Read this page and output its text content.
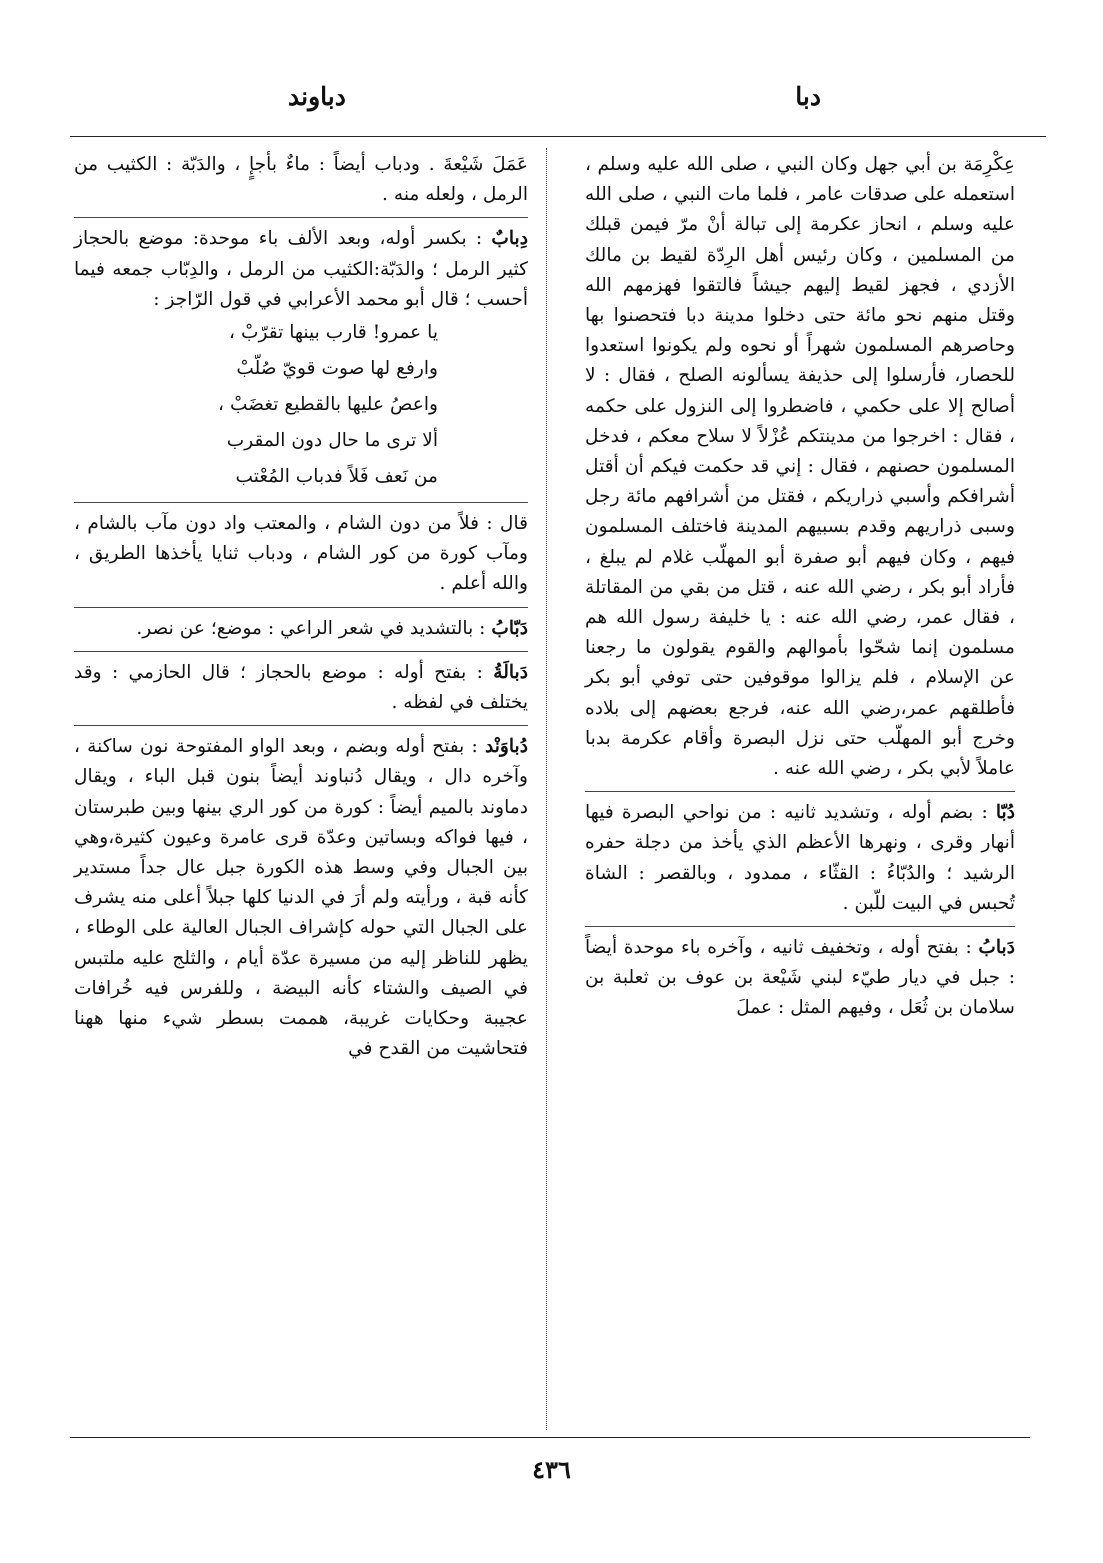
دبا
دباوند

عِكْرِمَة بن أبي جهل وكان النبي ، صلى الله عليه وسلم ، استعمله على صدقات عامر ، فلما مات النبي ، صلى الله عليه وسلم ، انحاز عكرمة إلى تبالة أنْ مرّ فيمن قبلك من المسلمين ، وكان رئيس أهل الرِدّة لقيط بن مالك الأزدي ، فجهز لقيط إليهم جيشاً فالتقوا فهزمهم الله وقتل منهم نحو مائة حتى دخلوا مدينة دبا فتحصنوا بها وحاصرهم المسلمون شهراً أو نحوه ولم يكونوا استعدوا للحصار، فأرسلوا إلى حذيفة يسألونه الصلح ، فقال : لا أصالح إلا على حكمي ، فاضطروا إلى النزول على حكمه ، فقال : اخرجوا من مدينتكم عُزْلاً لا سلاح معكم ، فدخل المسلمون حصنهم ، فقال : إني قد حكمت فيكم أن أقتل أشرافكم وأسبي ذراريكم ، فقتل من أشرافهم مائة رجل وسبى ذراريهم وقدم بسبيهم المدينة فاختلف المسلمون فيهم ، وكان فيهم أبو صفرة أبو المهلّب غلام لم يبلغ ، فأراد أبو بكر ، رضي الله عنه ، قتل من بقي من المقاتلة ، فقال عمر، رضي الله عنه : يا خليفة رسول الله هم مسلمون إنما شحّوا بأموالهم والقوم يقولون ما رجعنا عن الإسلام ، فلم يزالوا موقوفين حتى توفي أبو بكر فأطلقهم عمر،رضي الله عنه، فرجع بعضهم إلى بلاده وخرج أبو المهلّب حتى نزل البصرة وأقام عكرمة بدبا عاملاً لأبي بكر ، رضي الله عنه .

دُبّا : بضم أوله ، وتشديد ثانيه : من نواحي البصرة فيها أنهار وقرى ، ونهرها الأعظم الذي يأخذ من دجلة حفره الرشيد ؛ والدُبّاءُ : القثّاء ، ممدود ، وبالقصر : الشاة تُحبس في البيت للّبن .

دَبابُ : بفتح أوله ، وتخفيف ثانيه ، وآخره باء موحدة أيضاً : جبل في ديار طيّء لبني شَيْعة بن عوف بن ثعلبة بن سلامان بن ثُعَل ، وفيهم المثل : عملَ

عَمَلَ شَيْعةَ . ودباب أيضاً : ماءٌ بأجإٍ ، والدَبّة : الكثيب من الرمل ، ولعله منه .

دِبابٌ : بكسر أوله، وبعد الألف باء موحدة: موضع بالحجاز كثير الرمل ؛ والدَبّة:الكثيب من الرمل ، والدِبّاب جمعه فيما أحسب ؛ قال أبو محمد الأعرابي في قول الرّاجز :

يا عمرو! قارب بينها تقرّبْ ،

وارفع لها صوت قويّ صُلّبْ

واعصُ عليها بالقطيع تغضَبْ ،

ألا ترى ما حال دون المقرب

من نَعف فَلاً فدباب المُعْتب

قال : فلاً من دون الشام ، والمعتب واد دون مآب بالشام ، ومآب كورة من كور الشام ، ودباب ثنايا يأخذها الطريق ، والله أعلم .

دَبّابُ : بالتشديد في شعر الراعي : موضع؛ عن نصر.

دَبالَةُ : بفتح أوله : موضع بالحجاز ؛ قال الحازمي : وقد يختلف في لفظه .

دُباوَنْد : بفتح أوله وبضم ، وبعد الواو المفتوحة نون ساكنة ، وآخره دال ، ويقال دُنباوند أيضاً بنون قبل الباء ، ويقال دماوند بالميم أيضاً : كورة من كور الري بينها وبين طبرستان ، فيها فواكه وبساتين وعدّة قرى عامرة وعيون كثيرة،وهي بين الجبال وفي وسط هذه الكورة جبل عال جداً مستدير كأنه قبة ، ورأيته ولم أرَ في الدنيا كلها جبلاً أعلى منه يشرف على الجبال التي حوله كإشراف الجبال العالية على الوطاء ، يظهر للناظر إليه من مسيرة عدّة أيام ، والثلج عليه ملتبس في الصيف والشتاء كأنه البيضة ، وللفرس فيه خُرافات عجيبة وحكايات غريبة، هممت بسطر شيء منها ههنا فتحاشيت من القدح في

٤٣٦
